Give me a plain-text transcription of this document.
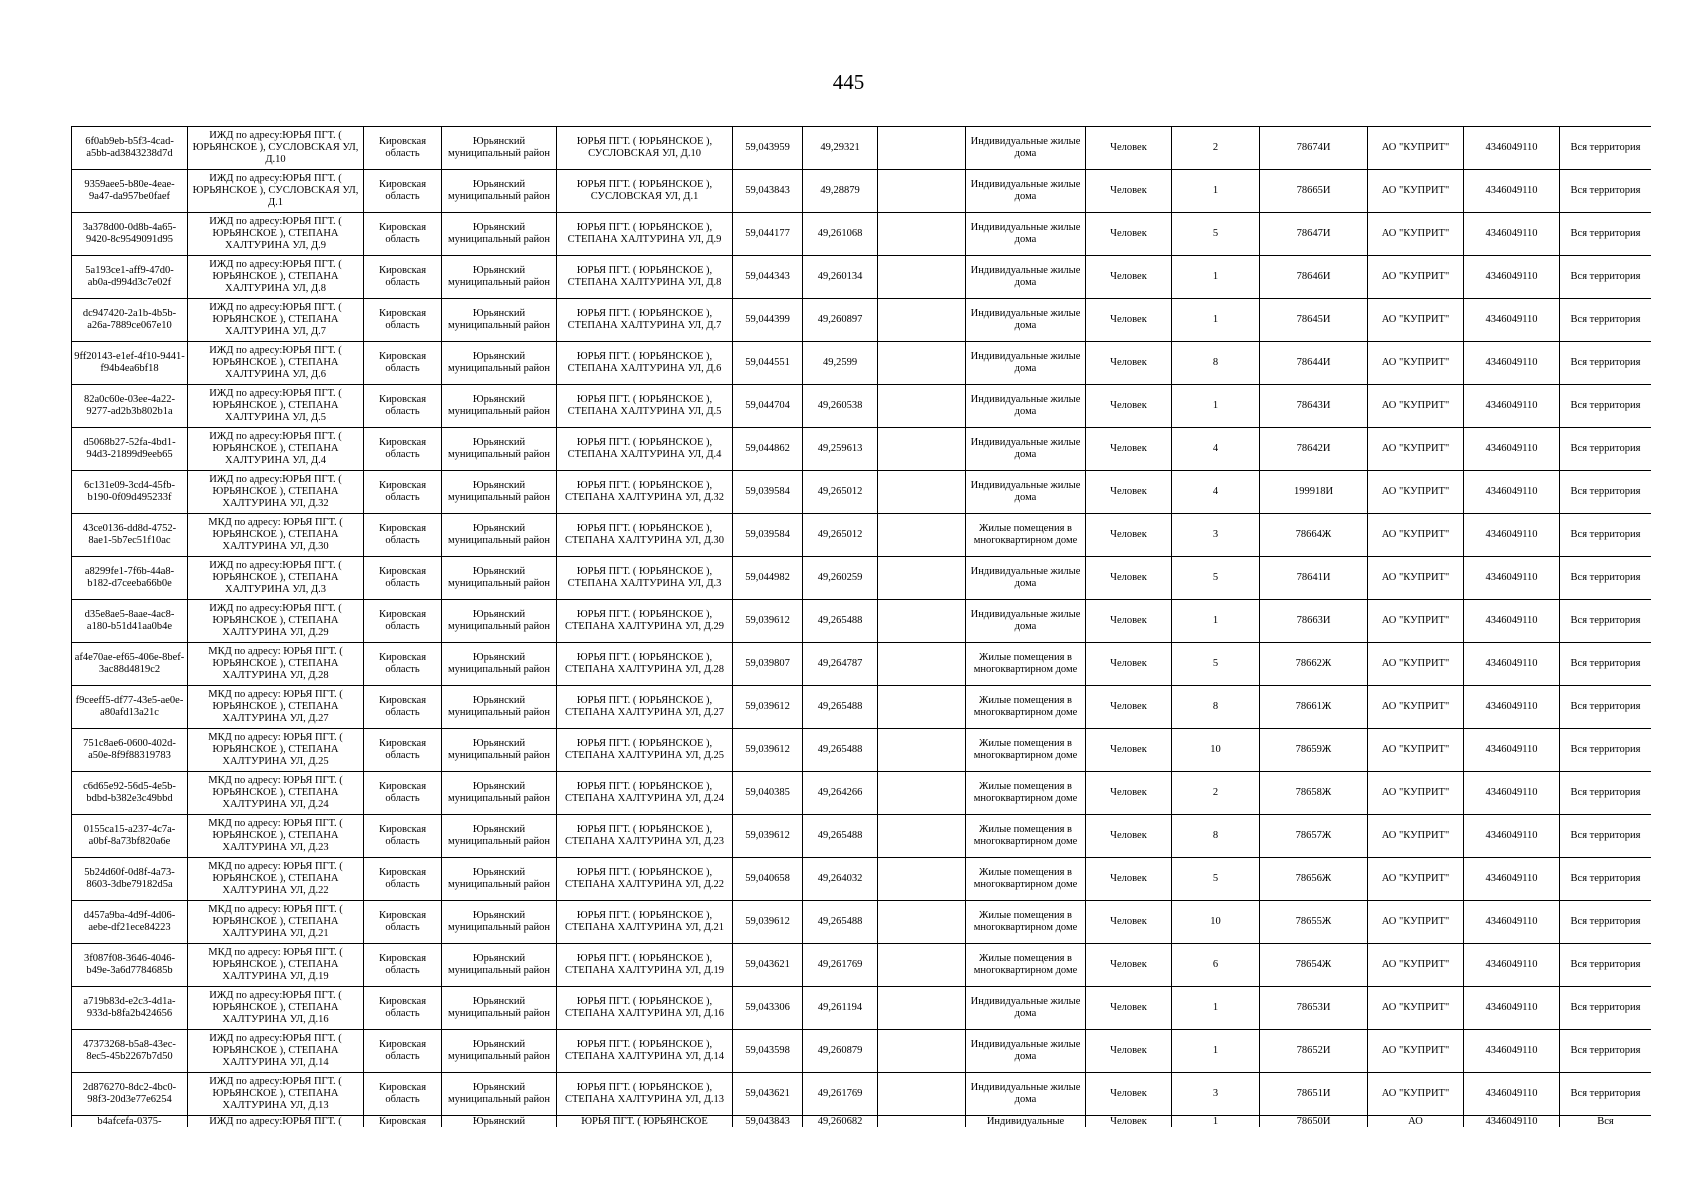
445
6f0ab9eb-b5f3-4cad-a5bb-ad3843238d7d	ИЖД по адресу:ЮРЬЯ ПГТ. ( ЮРЬЯНСКОЕ ), СУСЛОВСКАЯ УЛ, Д.10	Кировская область	Юрьянский муниципальный район	ЮРЬЯ ПГТ. ( ЮРЬЯНСКОЕ ), СУСЛОВСКАЯ УЛ, Д.10	59,043959	49,29321		Индивидуальные жилые дома	Человек	2	78674И	АО "КУПРИТ"	4346049110	Вся территория
9359aee5-b80e-4eae-9a47-da957be0faef	ИЖД по адресу:ЮРЬЯ ПГТ. ( ЮРЬЯНСКОЕ ), СУСЛОВСКАЯ УЛ, Д.1	Кировская область	Юрьянский муниципальный район	ЮРЬЯ ПГТ. ( ЮРЬЯНСКОЕ ), СУСЛОВСКАЯ УЛ, Д.1	59,043843	49,28879		Индивидуальные жилые дома	Человек	1	78665И	АО "КУПРИТ"	4346049110	Вся территория
3a378d00-0d8b-4a65-9420-8c9549091d95	ИЖД по адресу:ЮРЬЯ ПГТ. ( ЮРЬЯНСКОЕ ), СТЕПАНА ХАЛТУРИНА УЛ, Д.9	Кировская область	Юрьянский муниципальный район	ЮРЬЯ ПГТ. ( ЮРЬЯНСКОЕ ), СТЕПАНА ХАЛТУРИНА УЛ, Д.9	59,044177	49,261068		Индивидуальные жилые дома	Человек	5	78647И	АО "КУПРИТ"	4346049110	Вся территория
5a193ce1-aff9-47d0-ab0a-d994d3c7e02f	ИЖД по адресу:ЮРЬЯ ПГТ. ( ЮРЬЯНСКОЕ ), СТЕПАНА ХАЛТУРИНА УЛ, Д.8	Кировская область	Юрьянский муниципальный район	ЮРЬЯ ПГТ. ( ЮРЬЯНСКОЕ ), СТЕПАНА ХАЛТУРИНА УЛ, Д.8	59,044343	49,260134		Индивидуальные жилые дома	Человек	1	78646И	АО "КУПРИТ"	4346049110	Вся территория
dc947420-2a1b-4b5b-a26a-7889ce067e10	ИЖД по адресу:ЮРЬЯ ПГТ. ( ЮРЬЯНСКОЕ ), СТЕПАНА ХАЛТУРИНА УЛ, Д.7	Кировская область	Юрьянский муниципальный район	ЮРЬЯ ПГТ. ( ЮРЬЯНСКОЕ ), СТЕПАНА ХАЛТУРИНА УЛ, Д.7	59,044399	49,260897		Индивидуальные жилые дома	Человек	1	78645И	АО "КУПРИТ"	4346049110	Вся территория
9ff20143-e1ef-4f10-9441-f94b4ea6bf18	ИЖД по адресу:ЮРЬЯ ПГТ. ( ЮРЬЯНСКОЕ ), СТЕПАНА ХАЛТУРИНА УЛ, Д.6	Кировская область	Юрьянский муниципальный район	ЮРЬЯ ПГТ. ( ЮРЬЯНСКОЕ ), СТЕПАНА ХАЛТУРИНА УЛ, Д.6	59,044551	49,2599		Индивидуальные жилые дома	Человек	8	78644И	АО "КУПРИТ"	4346049110	Вся территория
82a0c60e-03ee-4a22-9277-ad2b3b802b1a	ИЖД по адресу:ЮРЬЯ ПГТ. ( ЮРЬЯНСКОЕ ), СТЕПАНА ХАЛТУРИНА УЛ, Д.5	Кировская область	Юрьянский муниципальный район	ЮРЬЯ ПГТ. ( ЮРЬЯНСКОЕ ), СТЕПАНА ХАЛТУРИНА УЛ, Д.5	59,044704	49,260538		Индивидуальные жилые дома	Человек	1	78643И	АО "КУПРИТ"	4346049110	Вся территория
d5068b27-52fa-4bd1-94d3-21899d9eeb65	ИЖД по адресу:ЮРЬЯ ПГТ. ( ЮРЬЯНСКОЕ ), СТЕПАНА ХАЛТУРИНА УЛ, Д.4	Кировская область	Юрьянский муниципальный район	ЮРЬЯ ПГТ. ( ЮРЬЯНСКОЕ ), СТЕПАНА ХАЛТУРИНА УЛ, Д.4	59,044862	49,259613		Индивидуальные жилые дома	Человек	4	78642И	АО "КУПРИТ"	4346049110	Вся территория
6c131e09-3cd4-45fb-b190-0f09d495233f	ИЖД по адресу:ЮРЬЯ ПГТ. ( ЮРЬЯНСКОЕ ), СТЕПАНА ХАЛТУРИНА УЛ, Д.32	Кировская область	Юрьянский муниципальный район	ЮРЬЯ ПГТ. ( ЮРЬЯНСКОЕ ), СТЕПАНА ХАЛТУРИНА УЛ, Д.32	59,039584	49,265012		Индивидуальные жилые дома	Человек	4	199918И	АО "КУПРИТ"	4346049110	Вся территория
43ce0136-dd8d-4752-8ae1-5b7ec51f10ac	МКД по адресу: ЮРЬЯ ПГТ. ( ЮРЬЯНСКОЕ ), СТЕПАНА ХАЛТУРИНА УЛ, Д.30	Кировская область	Юрьянский муниципальный район	ЮРЬЯ ПГТ. ( ЮРЬЯНСКОЕ ), СТЕПАНА ХАЛТУРИНА УЛ, Д.30	59,039584	49,265012		Жилые помещения в многоквартирном доме	Человек	3	78664Ж	АО "КУПРИТ"	4346049110	Вся территория
a8299fe1-7f6b-44a8-b182-d7ceeba66b0e	ИЖД по адресу:ЮРЬЯ ПГТ. ( ЮРЬЯНСКОЕ ), СТЕПАНА ХАЛТУРИНА УЛ, Д.3	Кировская область	Юрьянский муниципальный район	ЮРЬЯ ПГТ. ( ЮРЬЯНСКОЕ ), СТЕПАНА ХАЛТУРИНА УЛ, Д.3	59,044982	49,260259		Индивидуальные жилые дома	Человек	5	78641И	АО "КУПРИТ"	4346049110	Вся территория
d35e8ae5-8aae-4ac8-a180-b51d41aa0b4e	ИЖД по адресу:ЮРЬЯ ПГТ. ( ЮРЬЯНСКОЕ ), СТЕПАНА ХАЛТУРИНА УЛ, Д.29	Кировская область	Юрьянский муниципальный район	ЮРЬЯ ПГТ. ( ЮРЬЯНСКОЕ ), СТЕПАНА ХАЛТУРИНА УЛ, Д.29	59,039612	49,265488		Индивидуальные жилые дома	Человек	1	78663И	АО "КУПРИТ"	4346049110	Вся территория
af4e70ae-ef65-406e-8bef-3ac88d4819c2	МКД по адресу: ЮРЬЯ ПГТ. ( ЮРЬЯНСКОЕ ), СТЕПАНА ХАЛТУРИНА УЛ, Д.28	Кировская область	Юрьянский муниципальный район	ЮРЬЯ ПГТ. ( ЮРЬЯНСКОЕ ), СТЕПАНА ХАЛТУРИНА УЛ, Д.28	59,039807	49,264787		Жилые помещения в многоквартирном доме	Человек	5	78662Ж	АО "КУПРИТ"	4346049110	Вся территория
f9ceeff5-df77-43e5-ae0e-a80afd13a21c	МКД по адресу: ЮРЬЯ ПГТ. ( ЮРЬЯНСКОЕ ), СТЕПАНА ХАЛТУРИНА УЛ, Д.27	Кировская область	Юрьянский муниципальный район	ЮРЬЯ ПГТ. ( ЮРЬЯНСКОЕ ), СТЕПАНА ХАЛТУРИНА УЛ, Д.27	59,039612	49,265488		Жилые помещения в многоквартирном доме	Человек	8	78661Ж	АО "КУПРИТ"	4346049110	Вся территория
751c8ae6-0600-402d-a50e-8f9f88319783	МКД по адресу: ЮРЬЯ ПГТ. ( ЮРЬЯНСКОЕ ), СТЕПАНА ХАЛТУРИНА УЛ, Д.25	Кировская область	Юрьянский муниципальный район	ЮРЬЯ ПГТ. ( ЮРЬЯНСКОЕ ), СТЕПАНА ХАЛТУРИНА УЛ, Д.25	59,039612	49,265488		Жилые помещения в многоквартирном доме	Человек	10	78659Ж	АО "КУПРИТ"	4346049110	Вся территория
c6d65e92-56d5-4e5b-bdbd-b382e3c49bbd	МКД по адресу: ЮРЬЯ ПГТ. ( ЮРЬЯНСКОЕ ), СТЕПАНА ХАЛТУРИНА УЛ, Д.24	Кировская область	Юрьянский муниципальный район	ЮРЬЯ ПГТ. ( ЮРЬЯНСКОЕ ), СТЕПАНА ХАЛТУРИНА УЛ, Д.24	59,040385	49,264266		Жилые помещения в многоквартирном доме	Человек	2	78658Ж	АО "КУПРИТ"	4346049110	Вся территория
0155ca15-a237-4c7a-a0bf-8a73bf820a6e	МКД по адресу: ЮРЬЯ ПГТ. ( ЮРЬЯНСКОЕ ), СТЕПАНА ХАЛТУРИНА УЛ, Д.23	Кировская область	Юрьянский муниципальный район	ЮРЬЯ ПГТ. ( ЮРЬЯНСКОЕ ), СТЕПАНА ХАЛТУРИНА УЛ, Д.23	59,039612	49,265488		Жилые помещения в многоквартирном доме	Человек	8	78657Ж	АО "КУПРИТ"	4346049110	Вся территория
5b24d60f-0d8f-4a73-8603-3dbe79182d5a	МКД по адресу: ЮРЬЯ ПГТ. ( ЮРЬЯНСКОЕ ), СТЕПАНА ХАЛТУРИНА УЛ, Д.22	Кировская область	Юрьянский муниципальный район	ЮРЬЯ ПГТ. ( ЮРЬЯНСКОЕ ), СТЕПАНА ХАЛТУРИНА УЛ, Д.22	59,040658	49,264032		Жилые помещения в многоквартирном доме	Человек	5	78656Ж	АО "КУПРИТ"	4346049110	Вся территория
d457a9ba-4d9f-4d06-aebe-df21ece84223	МКД по адресу: ЮРЬЯ ПГТ. ( ЮРЬЯНСКОЕ ), СТЕПАНА ХАЛТУРИНА УЛ, Д.21	Кировская область	Юрьянский муниципальный район	ЮРЬЯ ПГТ. ( ЮРЬЯНСКОЕ ), СТЕПАНА ХАЛТУРИНА УЛ, Д.21	59,039612	49,265488		Жилые помещения в многоквартирном доме	Человек	10	78655Ж	АО "КУПРИТ"	4346049110	Вся территория
3f087f08-3646-4046-b49e-3a6d7784685b	МКД по адресу: ЮРЬЯ ПГТ. ( ЮРЬЯНСКОЕ ), СТЕПАНА ХАЛТУРИНА УЛ, Д.19	Кировская область	Юрьянский муниципальный район	ЮРЬЯ ПГТ. ( ЮРЬЯНСКОЕ ), СТЕПАНА ХАЛТУРИНА УЛ, Д.19	59,043621	49,261769		Жилые помещения в многоквартирном доме	Человек	6	78654Ж	АО "КУПРИТ"	4346049110	Вся территория
a719b83d-e2c3-4d1a-933d-b8fa2b424656	ИЖД по адресу:ЮРЬЯ ПГТ. ( ЮРЬЯНСКОЕ ), СТЕПАНА ХАЛТУРИНА УЛ, Д.16	Кировская область	Юрьянский муниципальный район	ЮРЬЯ ПГТ. ( ЮРЬЯНСКОЕ ), СТЕПАНА ХАЛТУРИНА УЛ, Д.16	59,043306	49,261194		Индивидуальные жилые дома	Человек	1	78653И	АО "КУПРИТ"	4346049110	Вся территория
47373268-b5a8-43ec-8ec5-45b2267b7d50	ИЖД по адресу:ЮРЬЯ ПГТ. ( ЮРЬЯНСКОЕ ), СТЕПАНА ХАЛТУРИНА УЛ, Д.14	Кировская область	Юрьянский муниципальный район	ЮРЬЯ ПГТ. ( ЮРЬЯНСКОЕ ), СТЕПАНА ХАЛТУРИНА УЛ, Д.14	59,043598	49,260879		Индивидуальные жилые дома	Человек	1	78652И	АО "КУПРИТ"	4346049110	Вся территория
2d876270-8dc2-4bc0-98f3-20d3e77e6254	ИЖД по адресу:ЮРЬЯ ПГТ. ( ЮРЬЯНСКОЕ ), СТЕПАНА ХАЛТУРИНА УЛ, Д.13	Кировская область	Юрьянский муниципальный район	ЮРЬЯ ПГТ. ( ЮРЬЯНСКОЕ ), СТЕПАНА ХАЛТУРИНА УЛ, Д.13	59,043621	49,261769		Индивидуальные жилые дома	Человек	3	78651И	АО "КУПРИТ"	4346049110	Вся территория
b4afcefa-0375-	ИЖД по адресу:ЮРЬЯ ПГТ. (	Кировская	Юрьянский	ЮРЬЯ ПГТ. ( ЮРЬЯНСКОЕ	59,043843	49,260682		Индивидуальные	Человек	1	78650И	АО	4346049110	Вся
